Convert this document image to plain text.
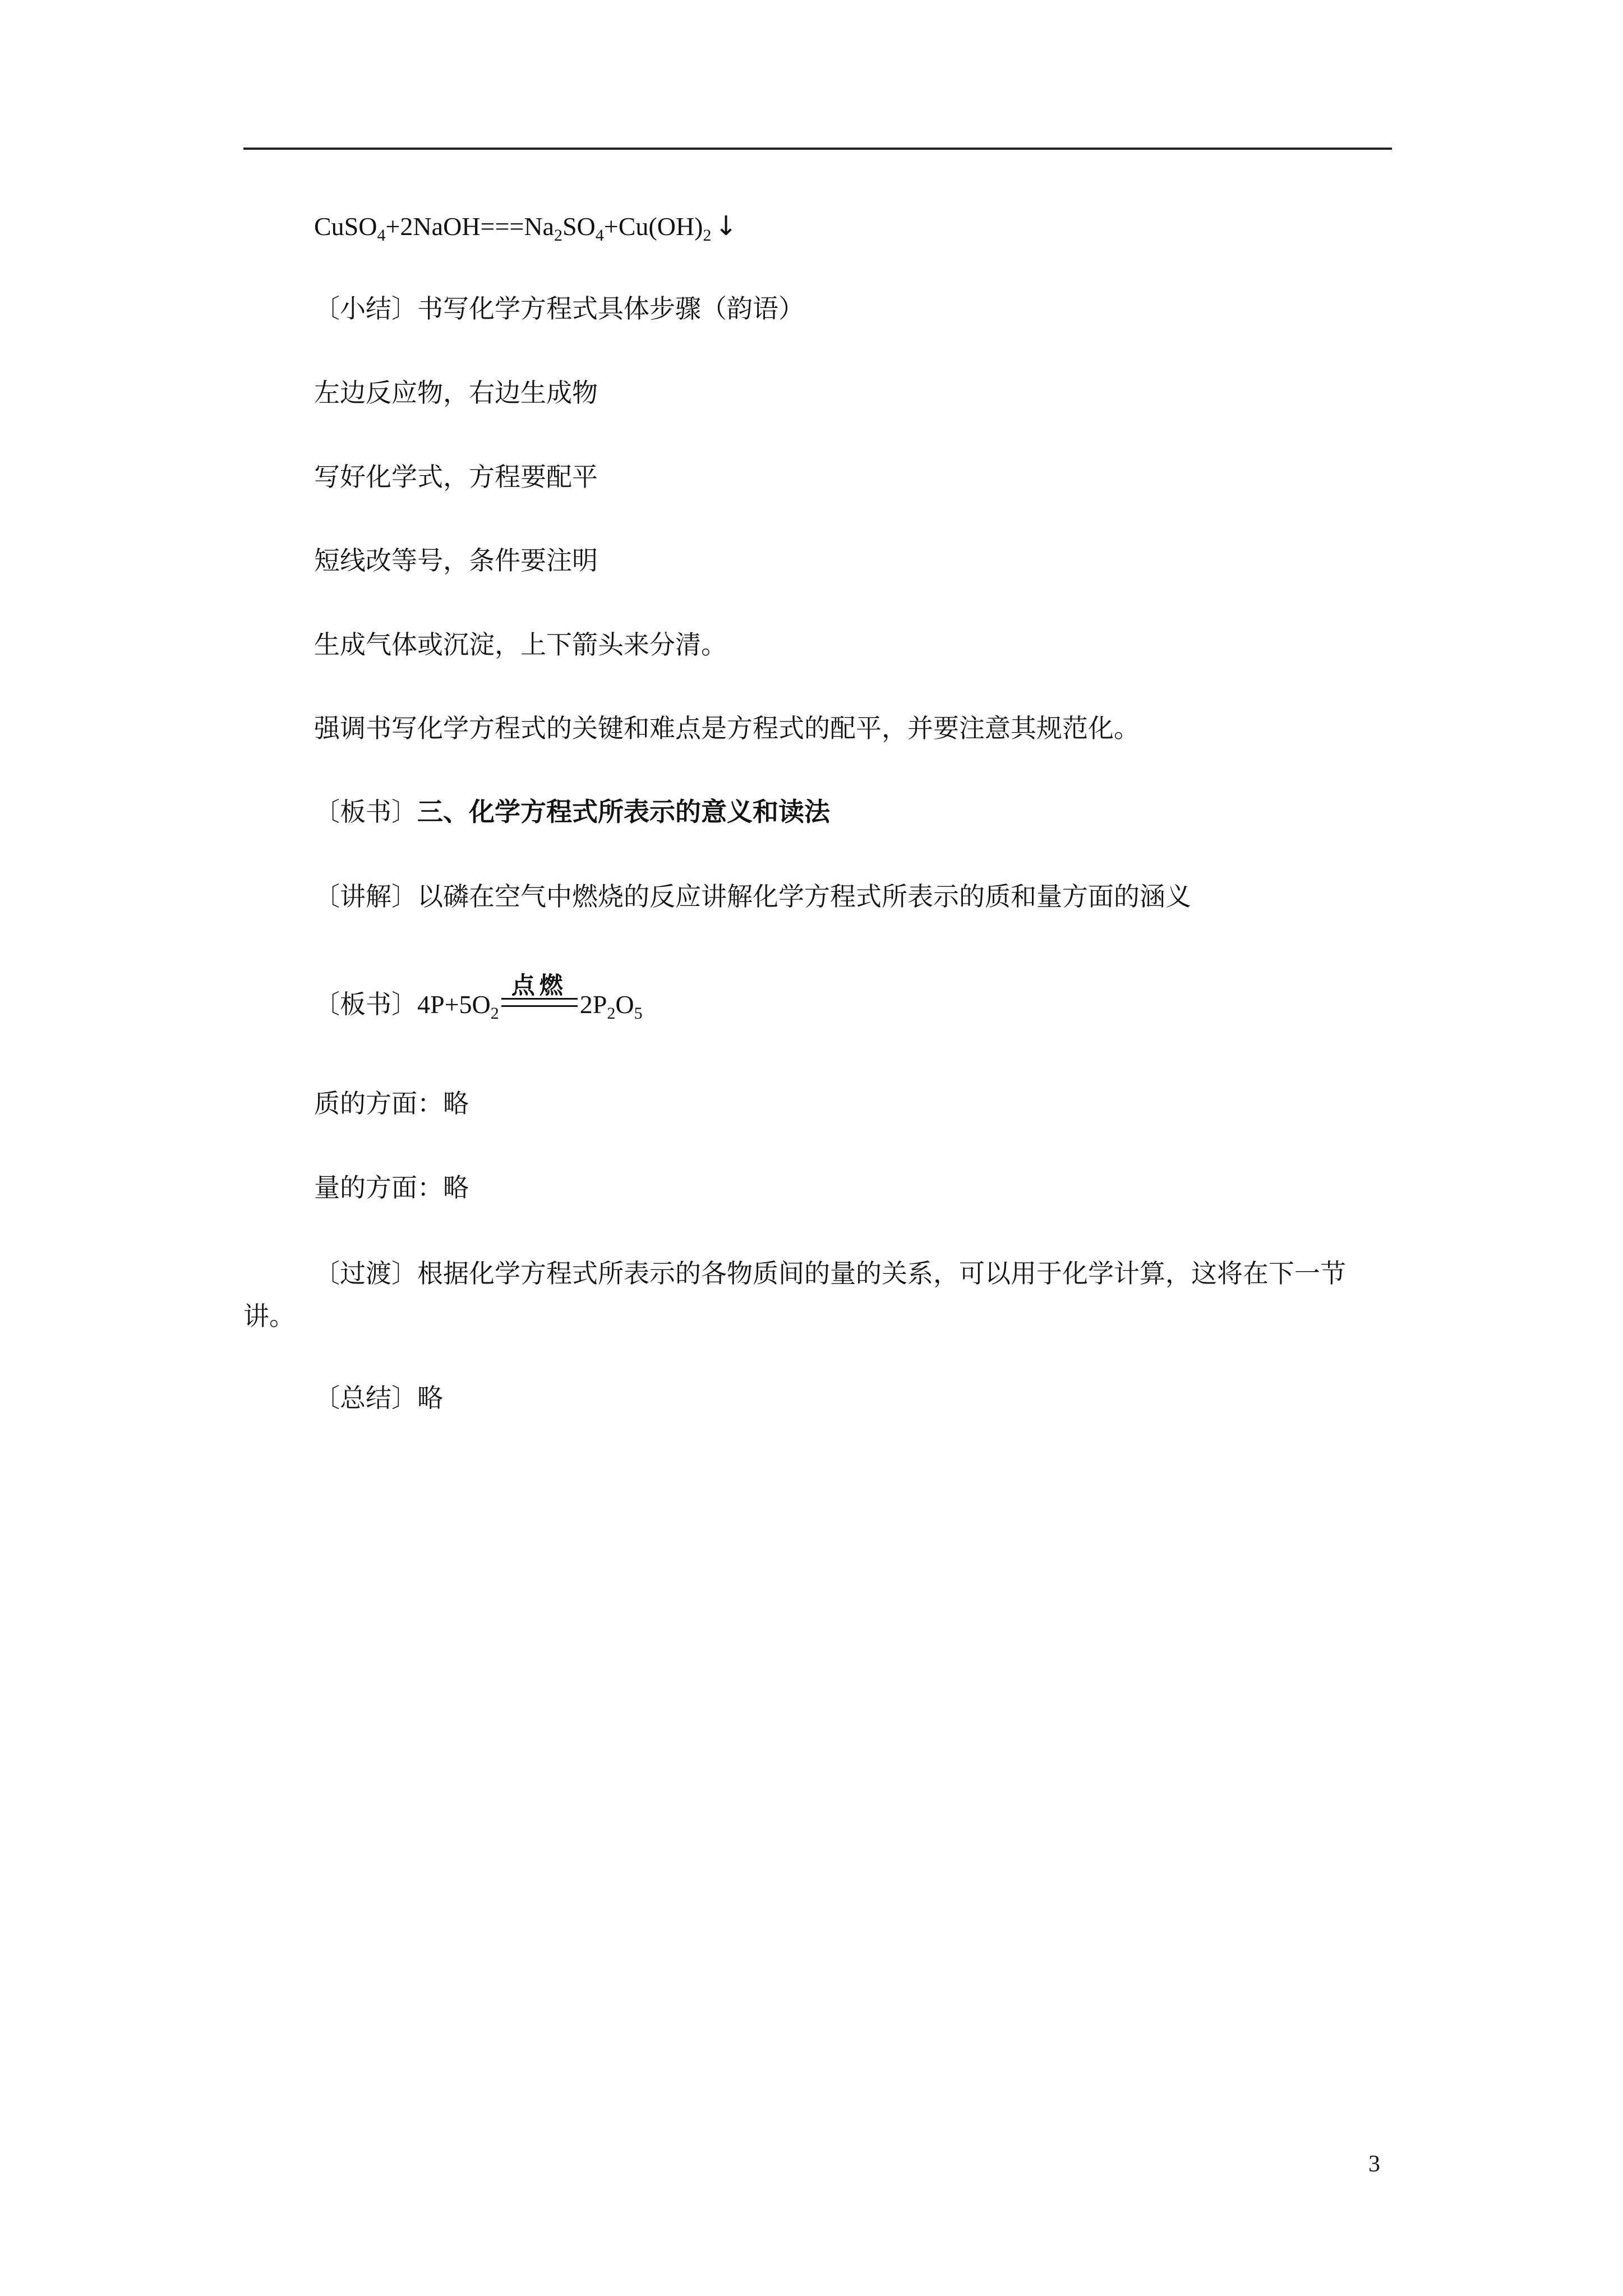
$CuSO_4+2NaOH===Na_2SO_4+Cu(OH)_2$ ↓
〔小结〕书写化学方程式具体步骤（韵语）
左边反应物，右边生成物
写好化学式，方程要配平
短线改等号，条件要注明
生成气体或沉淀，上下箭头来分清。
强调书写化学方程式的关键和难点是方程式的配平，并要注意其规范化。
〔板书〕三、化学方程式所表示的意义和读法
〔讲解〕以磷在空气中燃烧的反应讲解化学方程式所表示的质和量方面的涵义
〔板书〕$4P+5O_2$
点燃
$2P_2O_5$
质的方面：略
量的方面：略
〔过渡〕根据化学方程式所表示的各物质间的量的关系，可以用于化学计算，这将在下一节讲。
〔总结〕略
3
